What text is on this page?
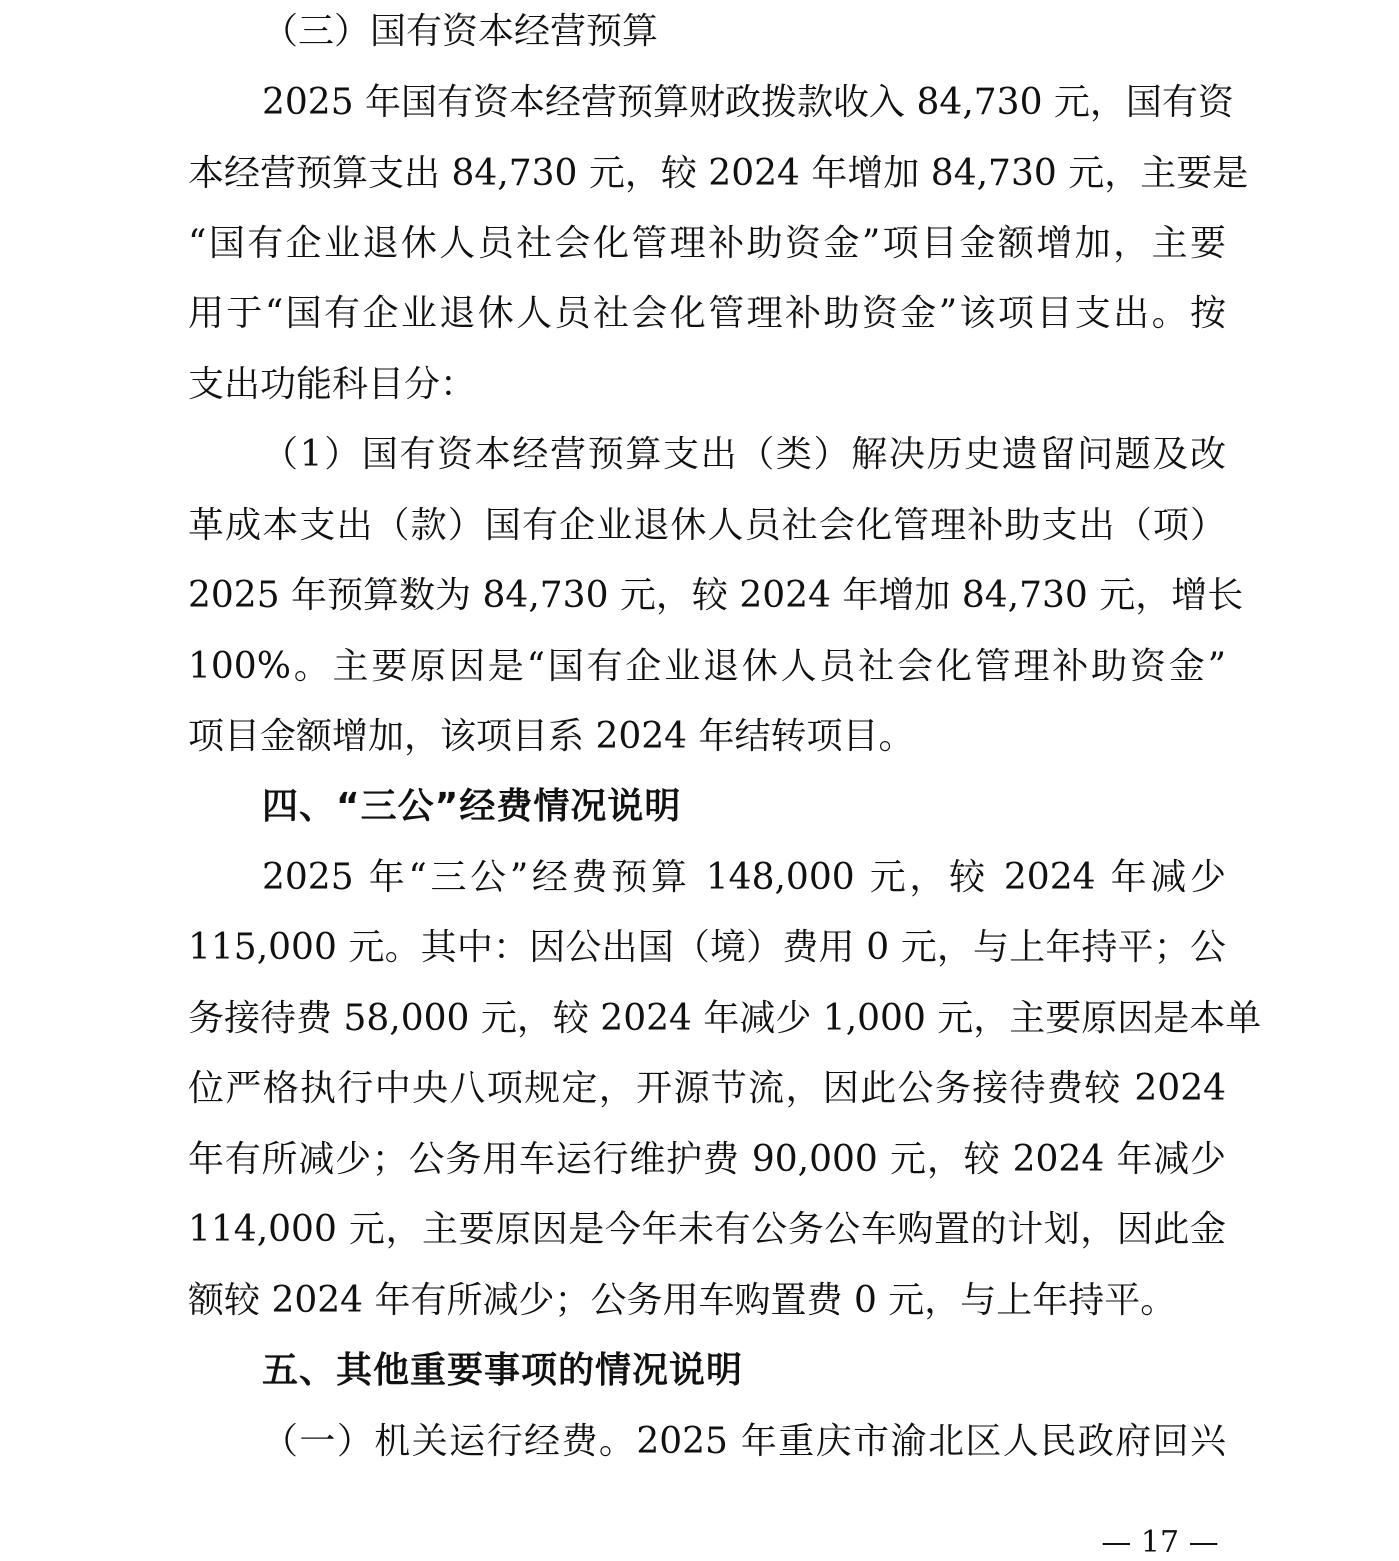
（三）国有资本经营预算
2025 年国有资本经营预算财政拨款收入 84,730 元，国有资
本经营预算支出 84,730 元，较 2024 年增加 84,730 元，主要是
“国有企业退休人员社会化管理补助资金”项目金额增加，主要
用于“国有企业退休人员社会化管理补助资金”该项目支出。按
支出功能科目分：
（1）国有资本经营预算支出（类）解决历史遗留问题及改
革成本支出（款）国有企业退休人员社会化管理补助支出（项）
2025 年预算数为 84,730 元，较 2024 年增加 84,730 元，增长
100%。主要原因是“国有企业退休人员社会化管理补助资金”
项目金额增加，该项目系 2024 年结转项目。
四、“三公”经费情况说明
2025 年“三公”经费预算 148,000 元，较 2024 年减少
115,000 元。其中：因公出国（境）费用 0 元，与上年持平；公
务接待费 58,000 元，较 2024 年减少 1,000 元，主要原因是本单
位严格执行中央八项规定，开源节流，因此公务接待费较 2024
年有所减少；公务用车运行维护费 90,000 元，较 2024 年减少
114,000 元，主要原因是今年未有公务公车购置的计划，因此金
额较 2024 年有所减少；公务用车购置费 0 元，与上年持平。
五、其他重要事项的情况说明
（一）机关运行经费。2025 年重庆市渝北区人民政府回兴
— 17 —
